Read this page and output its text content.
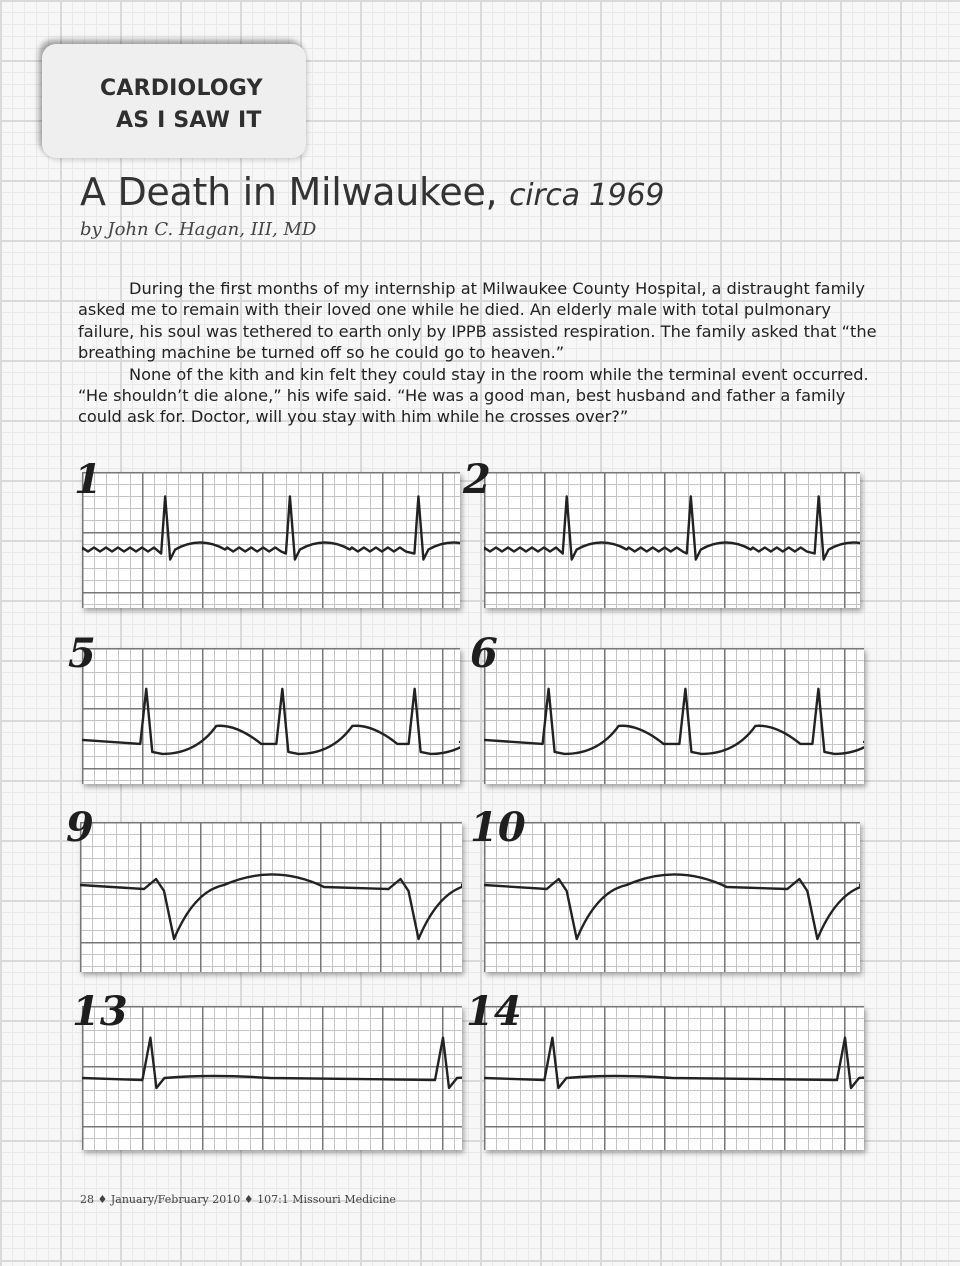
CARDIOLOGY
AS I SAW IT
A Death in Milwaukee, circa 1969
by John C. Hagan, III, MD

During the first months of my internship at Milwaukee County Hospital, a distraught family asked me to remain with their loved one while he died. An elderly male with total pulmonary failure, his soul was tethered to earth only by IPPB assisted respiration. The family asked that “the breathing machine be turned off so he could go to heaven.”

None of the kith and kin felt they could stay in the room while the terminal event occurred. “He shouldn’t die alone,” his wife said. “He was a good man, best husband and father a family could ask for. Doctor, will you stay with him while he crosses over?”

1	2
5	6
9	10
13	14
28 ♦ January/February 2010 ♦ 107:1 Missouri Medicine
